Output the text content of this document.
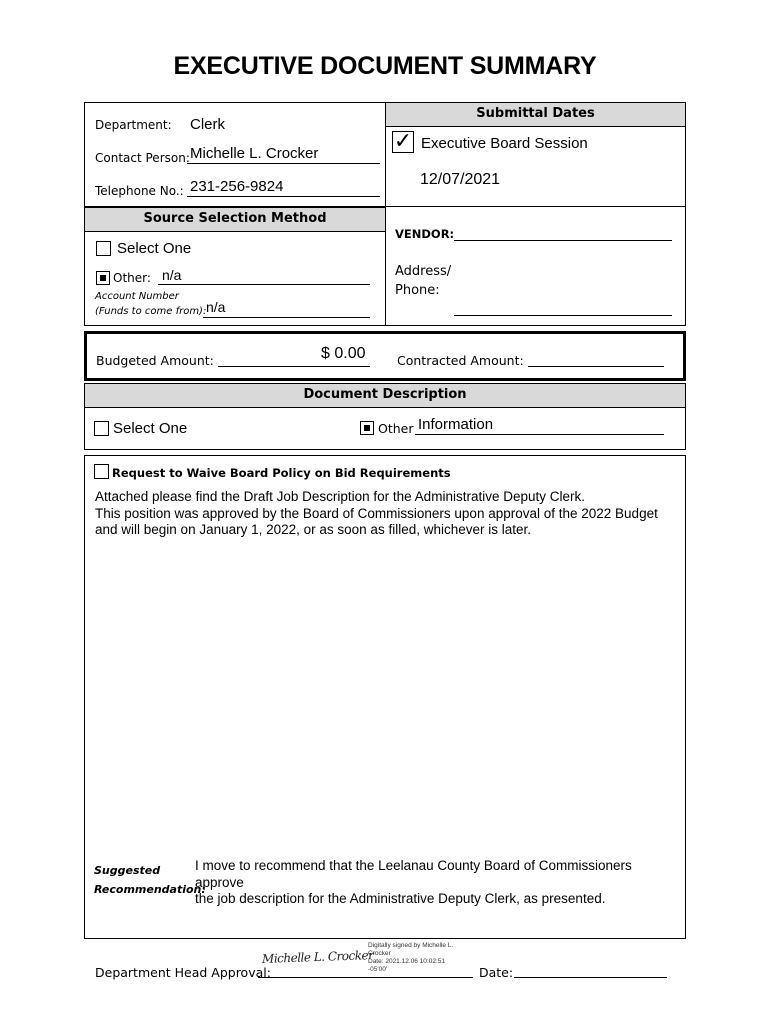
EXECUTIVE DOCUMENT SUMMARY
Department: Clerk
Contact Person: Michelle L. Crocker
Telephone No.: 231-256-9824
Submittal Dates
✓ Executive Board Session
12/07/2021
Source Selection Method
Select One
Other: n/a
Account Number
(Funds to come from): n/a
VENDOR:
Address/
Phone:
Budgeted Amount:	$ 0.00	Contracted Amount:
Document Description
Select One	Other Information
Request to Waive Board Policy on Bid Requirements
Attached please find the Draft Job Description for the Administrative Deputy Clerk.
This position was approved by the Board of Commissioners upon approval of the 2022 Budget
and will begin on January 1, 2022, or as soon as filled, whichever is later.
Suggested
Recommendation:
I move to recommend that the Leelanau County Board of Commissioners approve
the job description for the Administrative Deputy Clerk, as presented.
Department Head Approval:
Michelle L. Crocker
Digitally signed by Michelle L.
Crocker
Date: 2021.12.06 10:02:51
-05'00'	Date:
